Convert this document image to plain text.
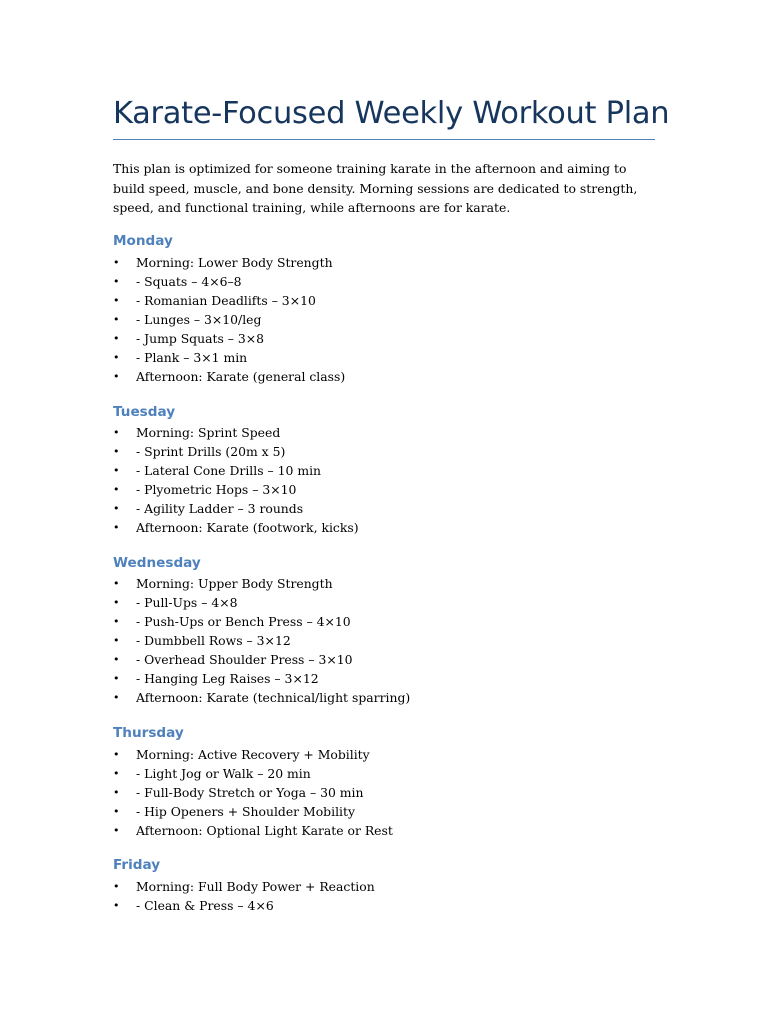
Karate-Focused Weekly Workout Plan

This plan is optimized for someone training karate in the afternoon and aiming to build speed, muscle, and bone density. Morning sessions are dedicated to strength, speed, and functional training, while afternoons are for karate.

Monday
• Morning: Lower Body Strength
• - Squats – 4×6–8
• - Romanian Deadlifts – 3×10
• - Lunges – 3×10/leg
• - Jump Squats – 3×8
• - Plank – 3×1 min
• Afternoon: Karate (general class)
Tuesday
• Morning: Sprint Speed
• - Sprint Drills (20m x 5)
• - Lateral Cone Drills – 10 min
• - Plyometric Hops – 3×10
• - Agility Ladder – 3 rounds
• Afternoon: Karate (footwork, kicks)
Wednesday
• Morning: Upper Body Strength
• - Pull-Ups – 4×8
• - Push-Ups or Bench Press – 4×10
• - Dumbbell Rows – 3×12
• - Overhead Shoulder Press – 3×10
• - Hanging Leg Raises – 3×12
• Afternoon: Karate (technical/light sparring)
Thursday
• Morning: Active Recovery + Mobility
• - Light Jog or Walk – 20 min
• - Full-Body Stretch or Yoga – 30 min
• - Hip Openers + Shoulder Mobility
• Afternoon: Optional Light Karate or Rest
Friday
• Morning: Full Body Power + Reaction
• - Clean & Press – 4×6
